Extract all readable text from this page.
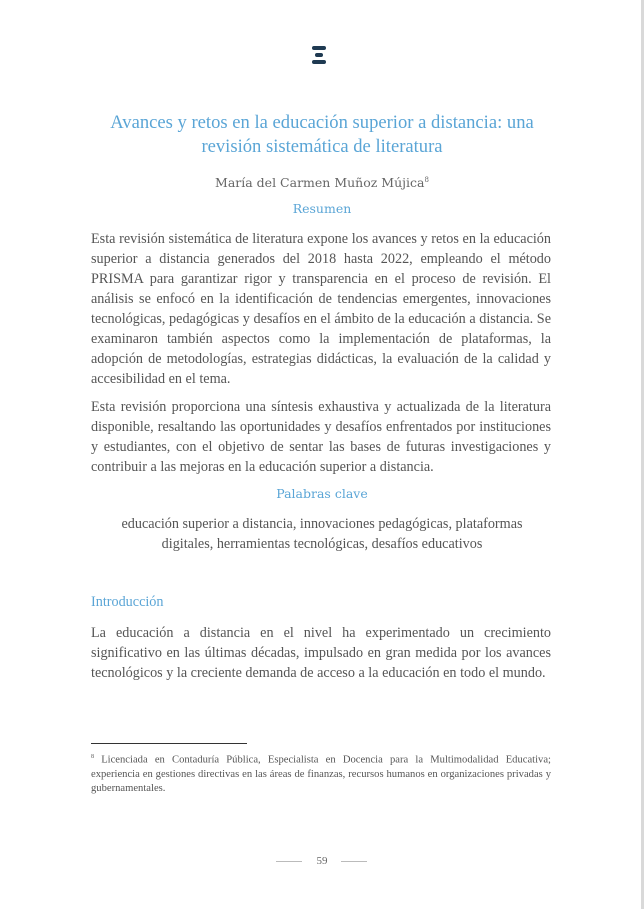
Avances y retos en la educación superior a distancia: una revisión sistemática de literatura
María del Carmen Muñoz Mújica$^8$
Resumen
Esta revisión sistemática de literatura expone los avances y retos en la educación superior a distancia generados del 2018 hasta 2022, empleando el método PRISMA para garantizar rigor y transparencia en el proceso de revisión. El análisis se enfocó en la identificación de tendencias emergentes, innovaciones tecnológicas, pedagógicas y desafíos en el ámbito de la educación a distancia. Se examinaron también aspectos como la implementación de plataformas, la adopción de metodologías, estrategias didácticas, la evaluación de la calidad y accesibilidad en el tema.
Esta revisión proporciona una síntesis exhaustiva y actualizada de la literatura disponible, resaltando las oportunidades y desafíos enfrentados por instituciones y estudiantes, con el objetivo de sentar las bases de futuras investigaciones y contribuir a las mejoras en la educación superior a distancia.
Palabras clave
educación superior a distancia, innovaciones pedagógicas, plataformas digitales, herramientas tecnológicas, desafíos educativos
Introducción
La educación a distancia en el nivel ha experimentado un crecimiento significativo en las últimas décadas, impulsado en gran medida por los avances tecnológicos y la creciente demanda de acceso a la educación en todo el mundo.
$^8$ Licenciada en Contaduría Pública, Especialista en Docencia para la Multimodalidad Educativa; experiencia en gestiones directivas en las áreas de finanzas, recursos humanos en organizaciones privadas y gubernamentales.
59
